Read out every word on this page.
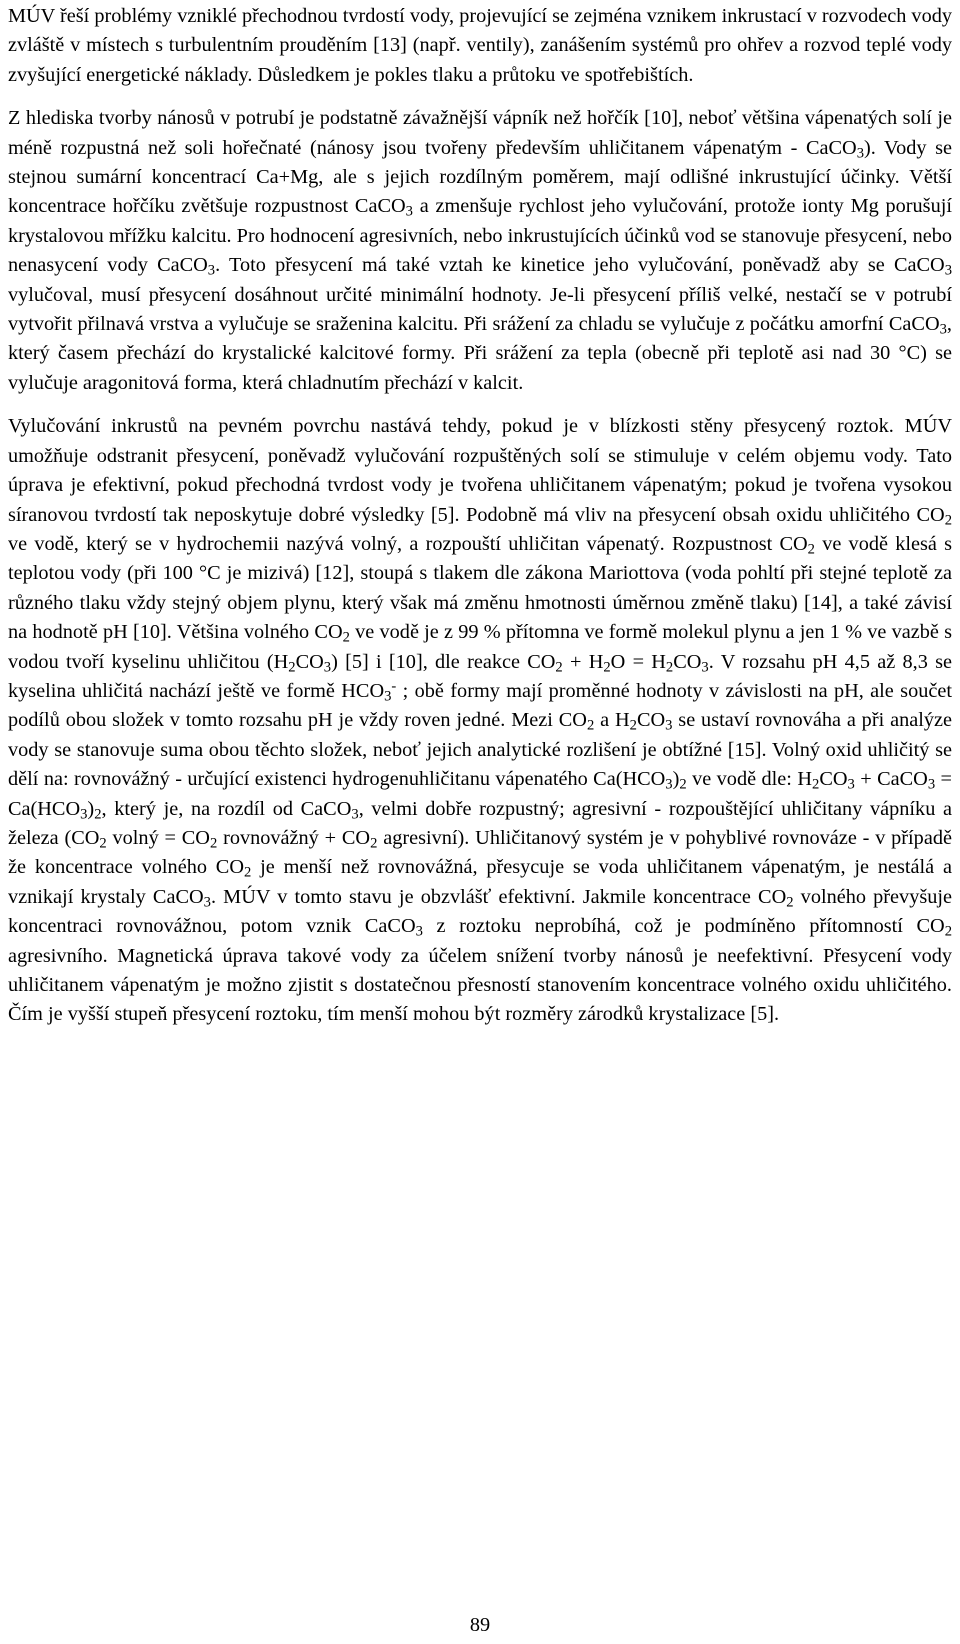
MÚV řeší problémy vzniklé přechodnou tvrdostí vody, projevující se zejména vznikem inkrustací v rozvodech vody zvláště v místech s turbulentním prouděním [13] (např. ventily), zanášením systémů pro ohřev a rozvod teplé vody zvyšující energetické náklady. Důsledkem je pokles tlaku a průtoku ve spotřebištích.

Z hlediska tvorby nánosů v potrubí je podstatně závažnější vápník než hořčík [10], neboť většina vápenatých solí je méně rozpustná než soli hořečnaté (nánosy jsou tvořeny především uhličitanem vápenatým - CaCO$_3$). Vody se stejnou sumární koncentrací Ca+Mg, ale s jejich rozdílným poměrem, mají odlišné inkrustující účinky. Větší koncentrace hořčíku zvětšuje rozpustnost CaCO$_3$ a zmenšuje rychlost jeho vylučování, protože ionty Mg porušují krystalovou mřížku kalcitu. Pro hodnocení agresivních, nebo inkrustujících účinků vod se stanovuje přesycení, nebo nenasycení vody CaCO$_3$. Toto přesycení má také vztah ke kinetice jeho vylučování, poněvadž aby se CaCO$_3$ vylučoval, musí přesycení dosáhnout určité minimální hodnoty. Je-li přesycení příliš velké, nestačí se v potrubí vytvořit přilnavá vrstva a vylučuje se sraženina kalcitu. Při srážení za chladu se vylučuje z počátku amorfní CaCO$_3$, který časem přechází do krystalické kalcitové formy. Při srážení za tepla (obecně při teplotě asi nad 30 °C) se vylučuje aragonitová forma, která chladnutím přechází v kalcit.

Vylučování inkrustů na pevném povrchu nastává tehdy, pokud je v blízkosti stěny přesycený roztok. MÚV umožňuje odstranit přesycení, poněvadž vylučování rozpuštěných solí se stimuluje v celém objemu vody. Tato úprava je efektivní, pokud přechodná tvrdost vody je tvořena uhličitanem vápenatým; pokud je tvořena vysokou síranovou tvrdostí tak neposkytuje dobré výsledky [5]. Podobně má vliv na přesycení obsah oxidu uhličitého $CO_2$ ve vodě, který se v hydrochemii nazývá volný, a rozpouští uhličitan vápenatý. Rozpustnost $CO_2$ ve vodě klesá s teplotou vody (při 100 °C je mizivá) [12], stoupá s tlakem dle zákona Mariottova (voda pohltí při stejné teplotě za různého tlaku vždy stejný objem plynu, který však má změnu hmotnosti úměrnou změně tlaku) [14], a také závisí na hodnotě pH [10]. Většina volného $CO_2$ ve vodě je z 99 % přítomna ve formě molekul plynu a jen 1 % ve vazbě s vodou tvoří kyselinu uhličitou $(H_2CO_3)$ [5] i [10], dle reakce $CO_2 + H_2O = H_2CO_3$. V rozsahu pH 4,5 až 8,3 se kyselina uhličitá nachází ještě ve formě $HCO_3^-$ ; obě formy mají proměnné hodnoty v závislosti na pH, ale součet podílů obou složek v tomto rozsahu pH je vždy roven jedné. Mezi $CO_2$ a $H_2CO_3$ se ustaví rovnováha a při analýze vody se stanovuje suma obou těchto složek, neboť jejich analytické rozlišení je obtížné [15]. Volný oxid uhličitý se dělí na: rovnovážný - určující existenci hydrogenuhličitanu vápenatého $Ca(HCO_3)_2$ ve vodě dle: $H_2CO_3$ + CaCO$_3$ = $Ca(HCO_3)_2$, který je, na rozdíl od CaCO$_3$, velmi dobře rozpustný; agresivní - rozpouštějící uhličitany vápníku a železa ($CO_2$ volný = $CO_2$ rovnovážný + $CO_2$ agresivní). Uhličitanový systém je v pohyblivé rovnováze - v případě že koncentrace volného $CO_2$ je menší než rovnovážná, přesycuje se voda uhličitanem vápenatým, je nestálá a vznikají krystaly CaCO$_3$. MÚV v tomto stavu je obzvlášť efektivní. Jakmile koncentrace $CO_2$ volného převyšuje koncentraci rovnovážnou, potom vznik CaCO$_3$ z roztoku neprobíhá, což je podmíněno přítomností $CO_2$ agresivního. Magnetická úprava takové vody za účelem snížení tvorby nánosů je neefektivní. Přesycení vody uhličitanem vápenatým je možno zjistit s dostatečnou přesností stanovením koncentrace volného oxidu uhličitého. Čím je vyšší stupeň přesycení roztoku, tím menší mohou být rozměry zárodků krystalizace [5].

89
